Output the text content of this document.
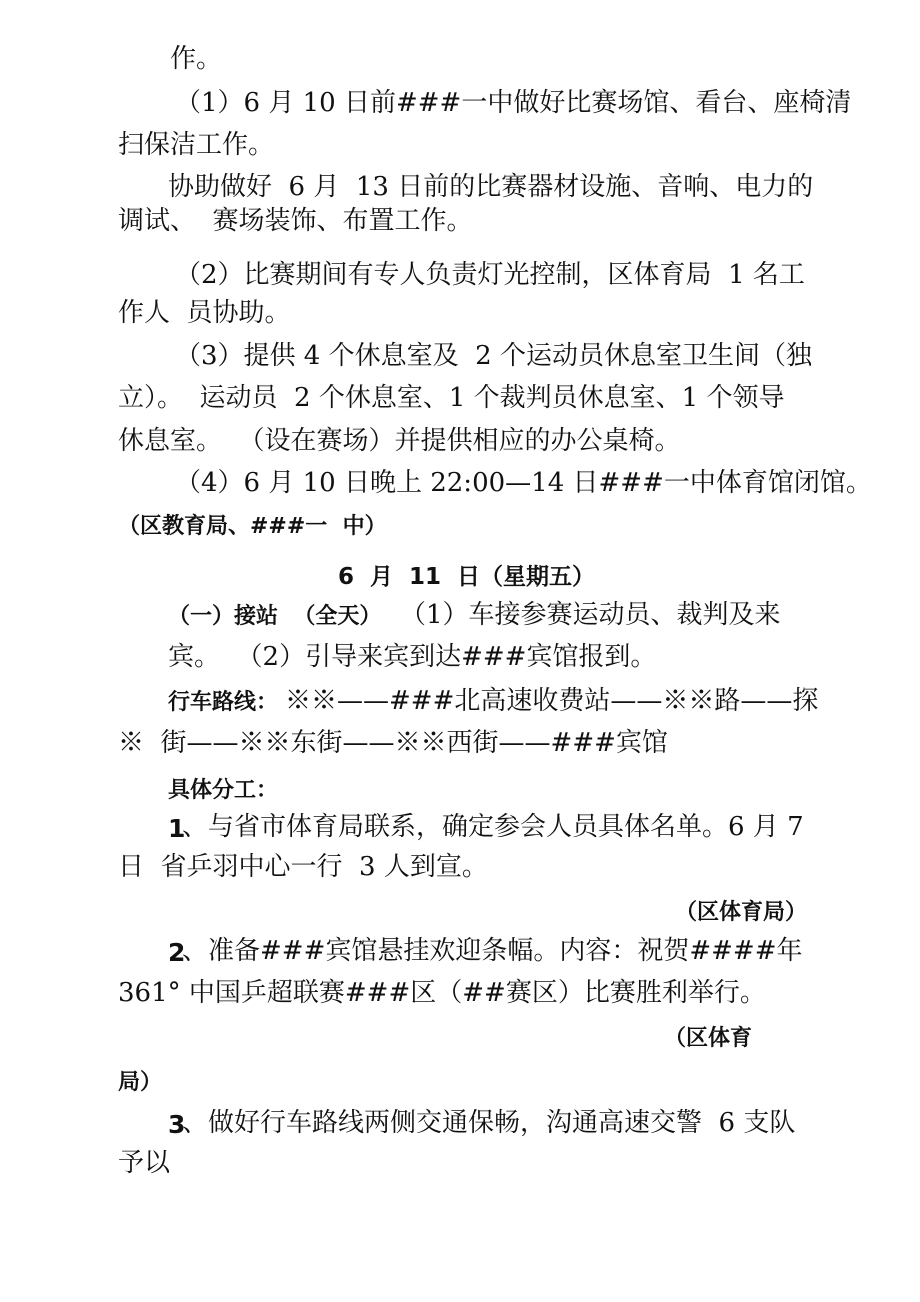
作。
（1）6 月 10 日前###一中做好比赛场馆、看台、座椅清
扫保洁工作。
协助做好  6 月  13 日前的比赛器材设施、音响、电力的
调试、  赛场装饰、布置工作。
（2）比赛期间有专人负责灯光控制，区体育局  1 名工
作人  员协助。
（3）提供 4 个休息室及  2 个运动员休息室卫生间（独
立）。  运动员  2 个休息室、1 个裁判员休息室、1 个领导
休息室。  （设在赛场）并提供相应的办公桌椅。
（4）6 月 10 日晚上 22:00—14 日###一中体育馆闭馆。
（区教育局、###一  中）
6  月  11  日（星期五）
（一）接站  （全天） （1）车接参赛运动员、裁判及来
宾。  （2）引导来宾到达###宾馆报到。
行车路线： ※※——###北高速收费站——※※路——探
※  街——※※东街——※※西街——###宾馆
具体分工：
1
、与省市体育局联系，确定参会人员具体名单。6 月 7
日  省乒羽中心一行  3 人到宣。
（区体育局）
2
、准备###宾馆悬挂欢迎条幅。内容：祝贺####年
361° 中国乒超联赛###区（##赛区）比赛胜利举行。
（区体育
局）
3
、做好行车路线两侧交通保畅，沟通高速交警  6 支队
予以
